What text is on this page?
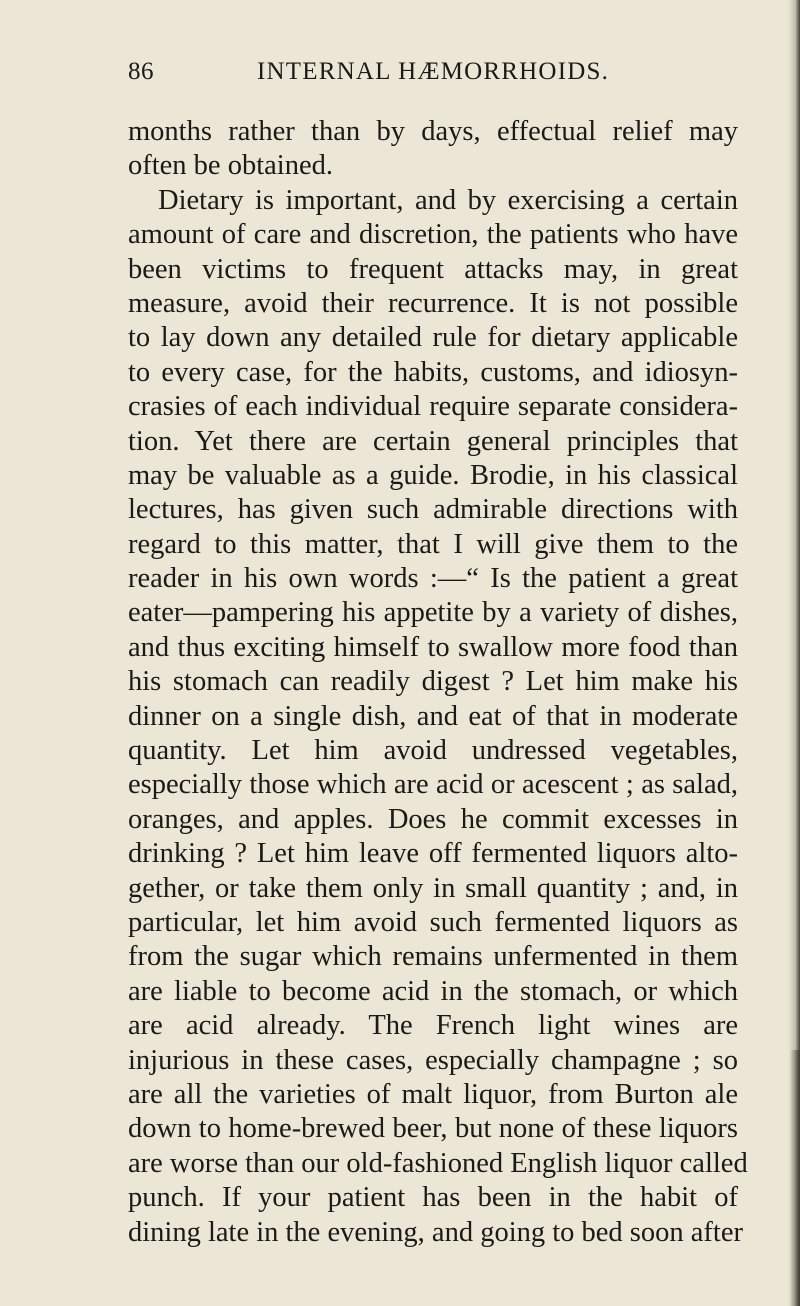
86	INTERNAL HÆMORRHOIDS.
months rather than by days, effectual relief may
often be obtained.
Dietary is important, and by exercising a certain
amount of care and discretion, the patients who have
been victims to frequent attacks may, in great
measure, avoid their recurrence. It is not possible
to lay down any detailed rule for dietary applicable
to every case, for the habits, customs, and idiosyn-
crasies of each individual require separate considera-
tion. Yet there are certain general principles that
may be valuable as a guide. Brodie, in his classical
lectures, has given such admirable directions with
regard to this matter, that I will give them to the
reader in his own words :—“ Is the patient a great
eater—pampering his appetite by a variety of dishes,
and thus exciting himself to swallow more food than
his stomach can readily digest ? Let him make his
dinner on a single dish, and eat of that in moderate
quantity. Let him avoid undressed vegetables,
especially those which are acid or acescent ; as salad,
oranges, and apples. Does he commit excesses in
drinking ? Let him leave off fermented liquors alto-
gether, or take them only in small quantity ; and, in
particular, let him avoid such fermented liquors as
from the sugar which remains unfermented in them
are liable to become acid in the stomach, or which
are acid already. The French light wines are
injurious in these cases, especially champagne ; so
are all the varieties of malt liquor, from Burton ale
down to home-brewed beer, but none of these liquors
are worse than our old-fashioned English liquor called
punch. If your patient has been in the habit of
dining late in the evening, and going to bed soon after
